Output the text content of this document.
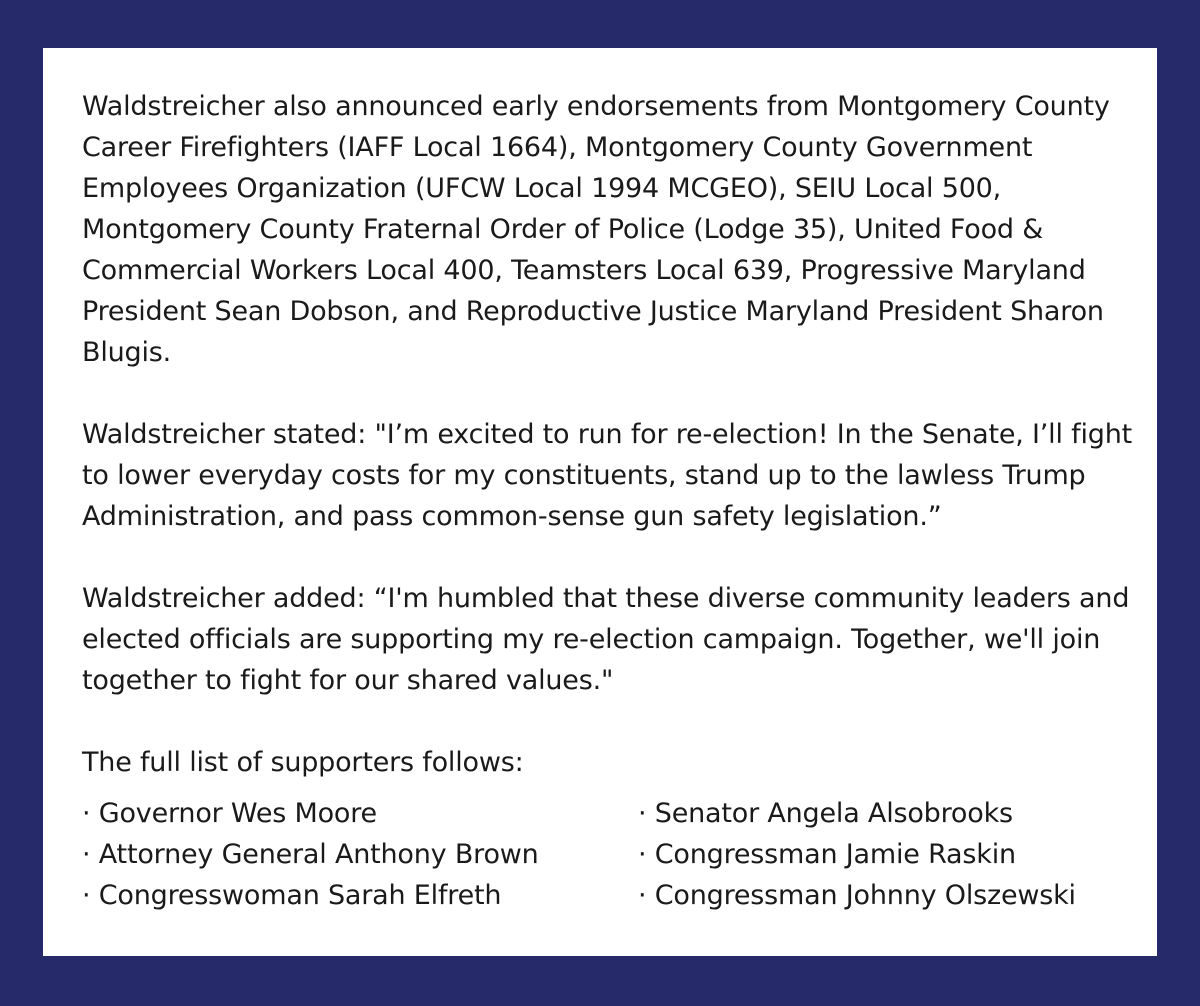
Waldstreicher also announced early endorsements from Montgomery County Career Firefighters (IAFF Local 1664), Montgomery County Government Employees Organization (UFCW Local 1994 MCGEO), SEIU Local 500, Montgomery County Fraternal Order of Police (Lodge 35), United Food & Commercial Workers Local 400, Teamsters Local 639, Progressive Maryland President Sean Dobson, and Reproductive Justice Maryland President Sharon Blugis.

Waldstreicher stated: "I’m excited to run for re-election! In the Senate, I’ll fight to lower everyday costs for my constituents, stand up to the lawless Trump Administration, and pass common-sense gun safety legislation.”

Waldstreicher added: “I'm humbled that these diverse community leaders and elected officials are supporting my re-election campaign. Together, we'll join together to fight for our shared values."

The full list of supporters follows:

· Governor Wes Moore	· Senator Angela Alsobrooks
· Attorney General Anthony Brown	· Congressman Jamie Raskin
· Congresswoman Sarah Elfreth	· Congressman Johnny Olszewski
